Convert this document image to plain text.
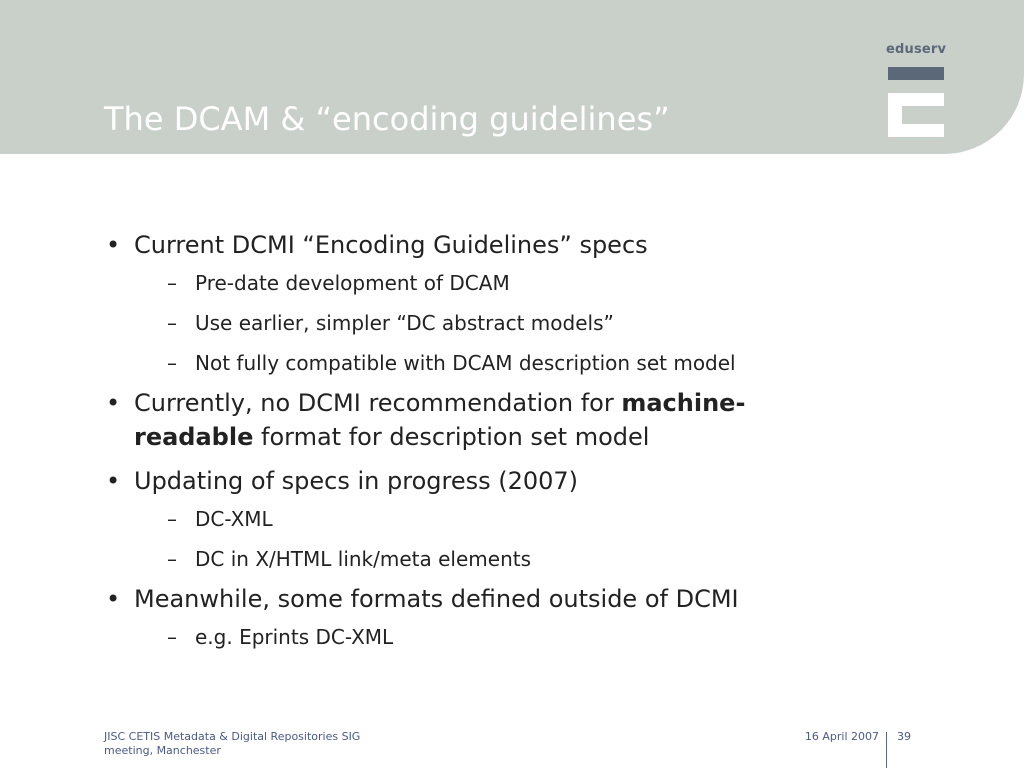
The DCAM & “encoding guidelines”
eduserv
• Current DCMI “Encoding Guidelines” specs
– Pre-date development of DCAM
– Use earlier, simpler “DC abstract models”
– Not fully compatible with DCAM description set model
• Currently, no DCMI recommendation for machine-
readable format for description set model
• Updating of specs in progress (2007)
– DC-XML
– DC in X/HTML link/meta elements
• Meanwhile, some formats defined outside of DCMI
– e.g. Eprints DC-XML
JISC CETIS Metadata & Digital Repositories SIG
meeting, Manchester
16 April 2007 39
